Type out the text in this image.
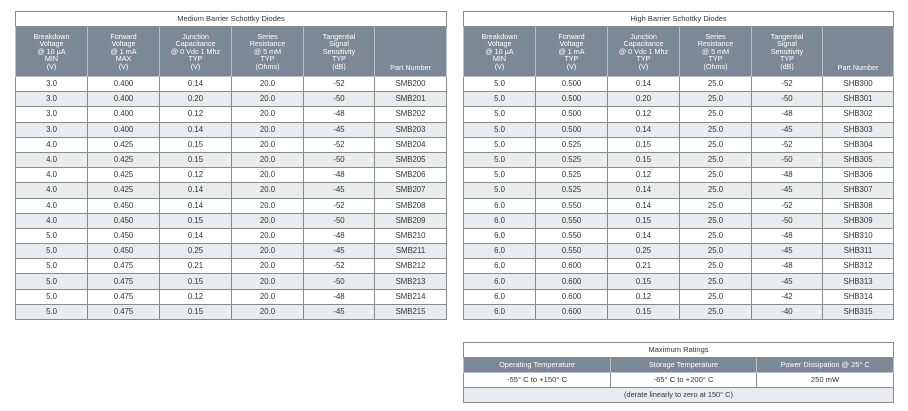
Medium Barrier Schottky Diodes					
Breakdown
Voltage
@ 10 μA
MIN
(V)	Forward
Voltage
@ 1 mA
MAX
(V)	Junction
Capacitance
@ 0 Vdc 1 Mhz
TYP
(V)	Series
Resistance
@ 5 mM
TYP
(Ohms)	Tangential
Signal
Sensitivity
TYP
(dB)	Part Number
3.0	0.400	0.14	20.0	-52	SMB200
3.0	0.400	0.20	20.0	-50	SMB201
3.0	0.400	0.12	20.0	-48	SMB202
3.0	0.400	0.14	20.0	-45	SMB203
4.0	0.425	0.15	20.0	-52	SMB204
4.0	0.425	0.15	20.0	-50	SMB205
4.0	0.425	0.12	20.0	-48	SMB206
4.0	0.425	0.14	20.0	-45	SMB207
4.0	0.450	0.14	20.0	-52	SMB208
4.0	0.450	0.15	20.0	-50	SMB209
5.0	0.450	0.14	20.0	-48	SMB210
5.0	0.450	0.25	20.0	-45	SMB211
5.0	0.475	0.21	20.0	-52	SMB212
5.0	0.475	0.15	20.0	-50	SMB213
5.0	0.475	0.12	20.0	-48	SMB214
5.0	0.475	0.15	20.0	-45	SMB215
High Barrier Schottky Diodes					
Breakdown
Voltage
@ 10 μA
MIN
(V)	Forward
Voltage
@ 1 mA
TYP
(V)	Junction
Capacitance
@ 0 Vdc 1 Mhz
TYP
(V)	Series
Resistance
@ 5 mM
TYP
(Ohms)	Tangential
Signal
Sensitivity
TYP
(dB)	Part Number
5.0	0.500	0.14	25.0	-52	SHB300
5.0	0.500	0.20	25.0	-50	SHB301
5.0	0.500	0.12	25.0	-48	SHB302
5.0	0.500	0.14	25.0	-45	SHB303
5.0	0.525	0.15	25.0	-52	SHB304
5.0	0.525	0.15	25.0	-50	SHB305
5.0	0.525	0.12	25.0	-48	SHB306
5.0	0.525	0.14	25.0	-45	SHB307
6.0	0.550	0.14	25.0	-52	SHB308
6.0	0.550	0.15	25.0	-50	SHB309
6.0	0.550	0.14	25.0	-48	SHB310
6.0	0.550	0.25	25.0	-45	SHB311
6.0	0.600	0.21	25.0	-48	SHB312
6.0	0.600	0.15	25.0	-45	SHB313
6.0	0.600	0.12	25.0	-42	SHB314
6.0	0.600	0.15	25.0	-40	SHB315
Maximum Ratings		
Operating Temperature	Storage Temperature	Power Dissipation @ 25° C
-55° C to +150° C	-65° C to +200° C	250 mW
(derate linearly to zero at 150° C)		
